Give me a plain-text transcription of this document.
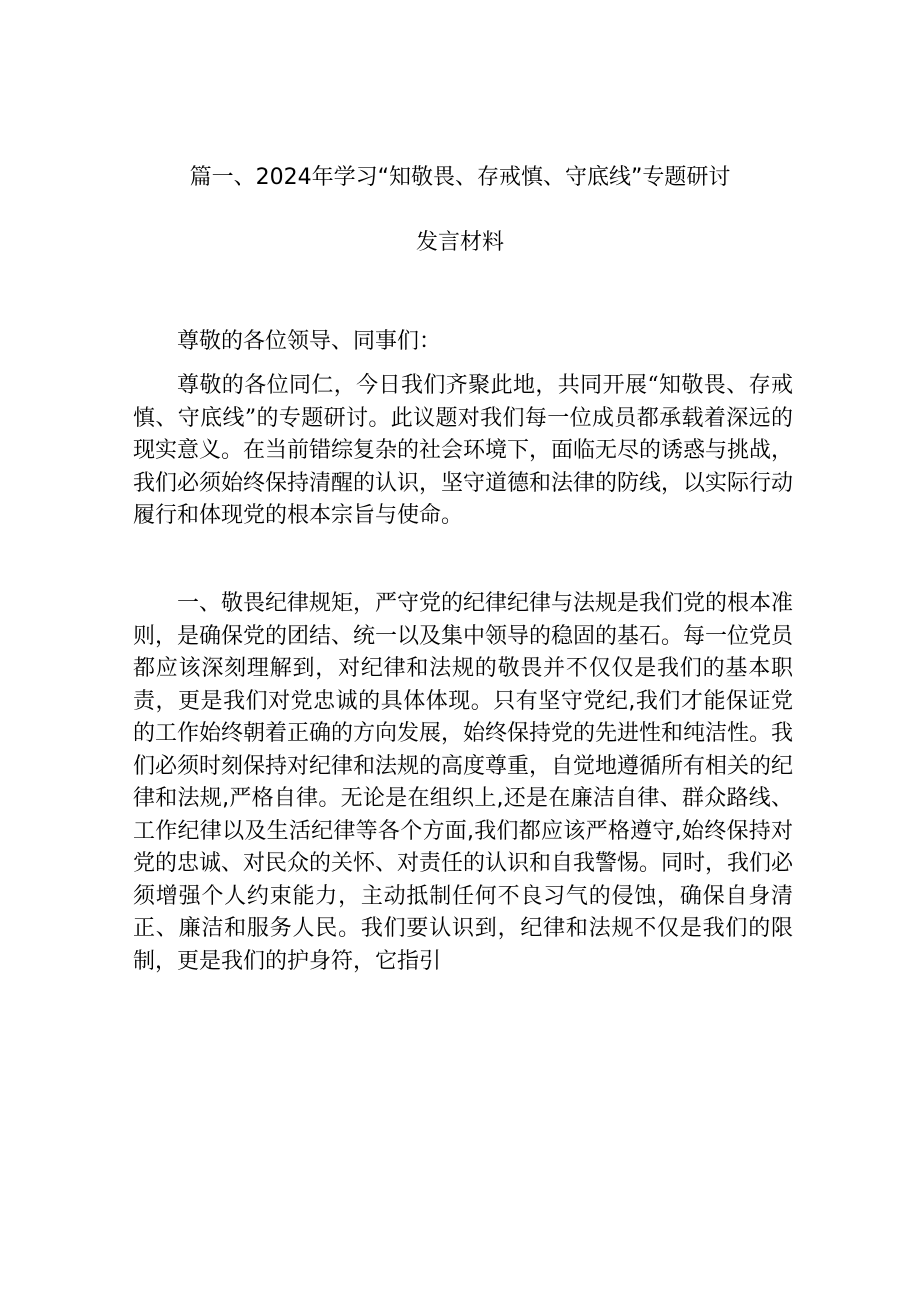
篇一、2024年学习“知敬畏、存戒慎、守底线”专题研讨
发言材料

尊敬的各位领导、同事们：

尊敬的各位同仁，今日我们齐聚此地，共同开展“知敬畏、存戒慎、守底线”的专题研讨。此议题对我们每一位成员都承载着深远的现实意义。在当前错综复杂的社会环境下，面临无尽的诱惑与挑战，我们必须始终保持清醒的认识，坚守道德和法律的防线，以实际行动履行和体现党的根本宗旨与使命。

一、敬畏纪律规矩，严守党的纪律纪律与法规是我们党的根本准则，是确保党的团结、统一以及集中领导的稳固的基石。每一位党员都应该深刻理解到，对纪律和法规的敬畏并不仅仅是我们的基本职责，更是我们对党忠诚的具体体现。只有坚守党纪,我们才能保证党的工作始终朝着正确的方向发展，始终保持党的先进性和纯洁性。我们必须时刻保持对纪律和法规的高度尊重，自觉地遵循所有相关的纪律和法规,严格自律。无论是在组织上,还是在廉洁自律、群众路线、工作纪律以及生活纪律等各个方面,我们都应该严格遵守,始终保持对党的忠诚、对民众的关怀、对责任的认识和自我警惕。同时，我们必须增强个人约束能力，主动抵制任何不良习气的侵蚀，确保自身清正、廉洁和服务人民。我们要认识到，纪律和法规不仅是我们的限制，更是我们的护身符，它指引
